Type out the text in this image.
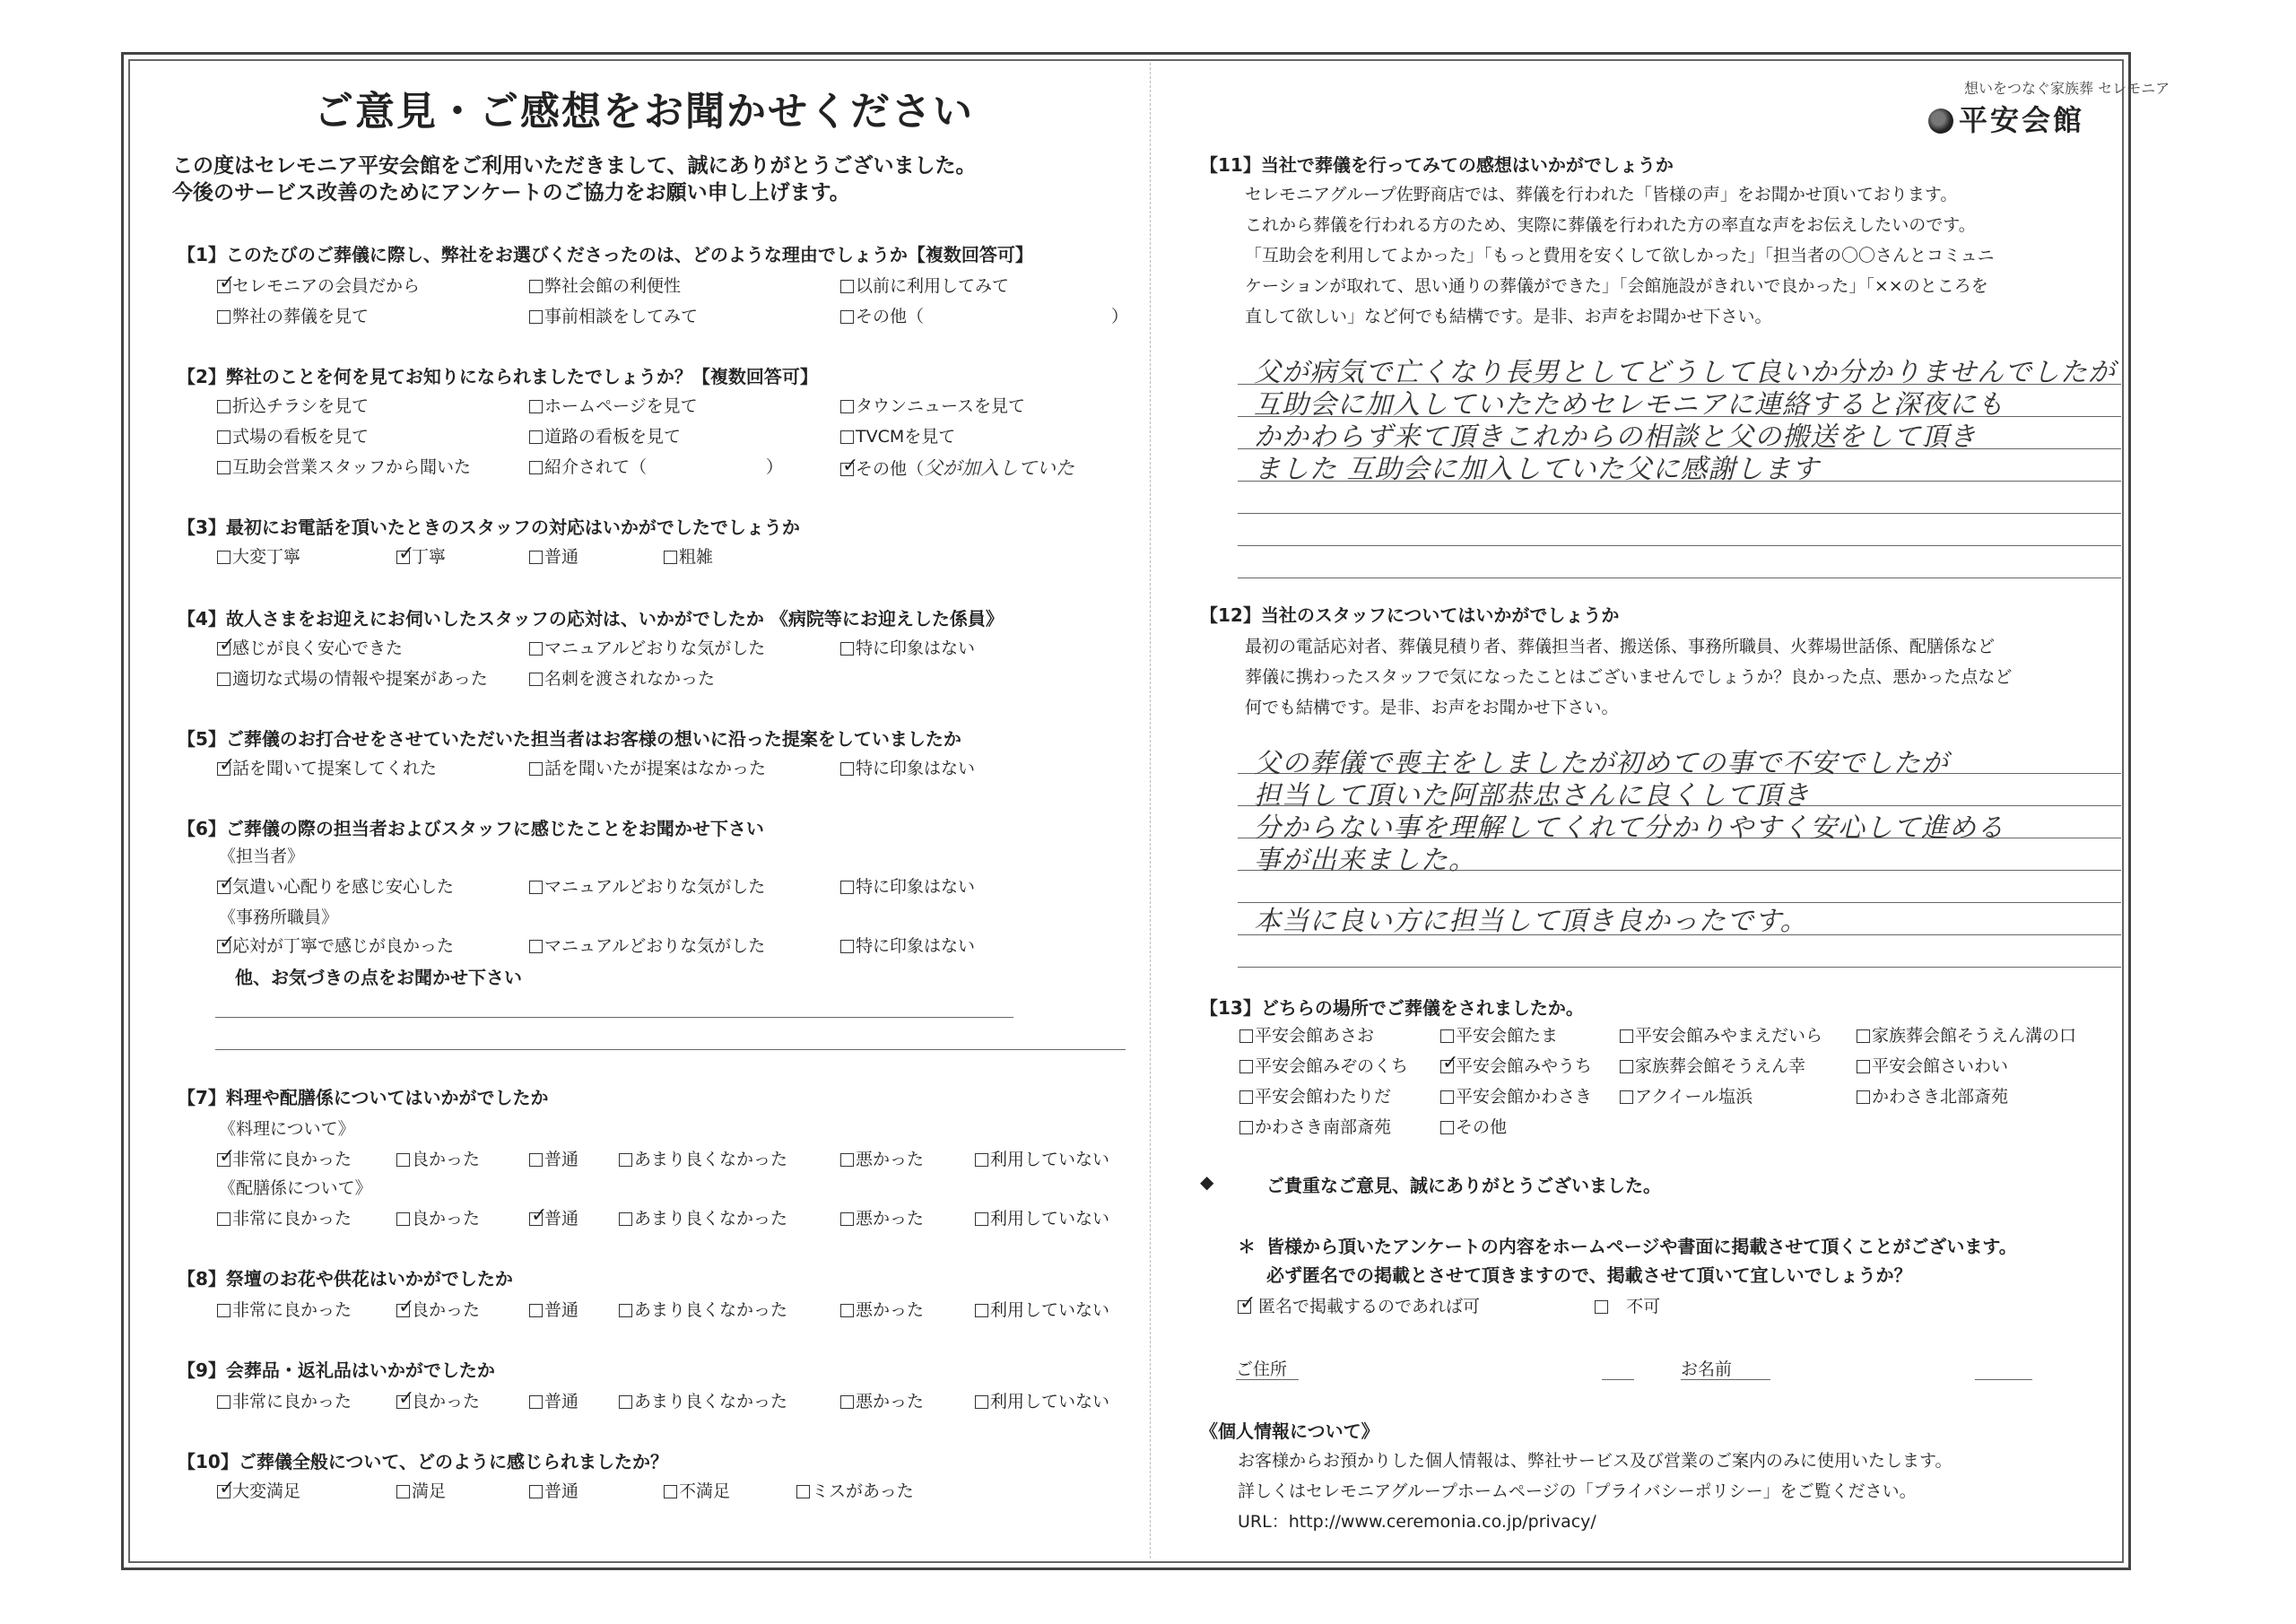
ご意見・ご感想をお聞かせください
想いをつなぐ家族葬 セレモニア
平安会館
この度はセレモニア平安会館をご利用いただきまして、誠にありがとうございました。
今後のサービス改善のためにアンケートのご協力をお願い申し上げます。
【1】このたびのご葬儀に際し、弊社をお選びくださったのは、どのような理由でしょうか【複数回答可】
✓セレモニアの会員だから	弊社会館の利便性	以前に利用してみて
弊社の葬儀を見て	事前相談をしてみて	その他（　　　　　　　　　　　）
【2】弊社のことを何を見てお知りになられましたでしょうか？【複数回答可】
折込チラシを見て	ホームページを見て	タウンニュースを見て
式場の看板を見て	道路の看板を見て	TVCMを見て
互助会営業スタッフから聞いた	紹介されて（　　　　　　　） ✓	その他（父が加入していた
【3】最初にお電話を頂いたときのスタッフの対応はいかがでしたでしょうか
大変丁寧 ✓	丁寧	普通	粗雑
【4】故人さまをお迎えにお伺いしたスタッフの応対は、いかがでしたか 《病院等にお迎えした係員》
✓感じが良く安心できた	マニュアルどおりな気がした	特に印象はない
適切な式場の情報や提案があった	名刺を渡されなかった
【5】ご葬儀のお打合せをさせていただいた担当者はお客様の想いに沿った提案をしていましたか
✓話を聞いて提案してくれた	話を聞いたが提案はなかった	特に印象はない
【6】ご葬儀の際の担当者およびスタッフに感じたことをお聞かせ下さい
《担当者》
✓気遣い心配りを感じ安心した	マニュアルどおりな気がした	特に印象はない
《事務所職員》
✓応対が丁寧で感じが良かった	マニュアルどおりな気がした	特に印象はない
他、お気づきの点をお聞かせ下さい
【7】料理や配膳係についてはいかがでしたか
《料理について》
✓非常に良かった	良かった	普通	あまり良くなかった	悪かった	利用していない
《配膳係について》
非常に良かった	良かった ✓	普通	あまり良くなかった	悪かった	利用していない
【8】祭壇のお花や供花はいかがでしたか
非常に良かった ✓	良かった	普通	あまり良くなかった	悪かった	利用していない
【9】会葬品・返礼品はいかがでしたか
非常に良かった ✓	良かった	普通	あまり良くなかった	悪かった	利用していない
【10】ご葬儀全般について、どのように感じられましたか？
✓大変満足	満足	普通	不満足	ミスがあった
【11】当社で葬儀を行ってみての感想はいかがでしょうか
セレモニアグループ佐野商店では、葬儀を行われた「皆様の声」をお聞かせ頂いております。
これから葬儀を行われる方のため、実際に葬儀を行われた方の率直な声をお伝えしたいのです。
「互助会を利用してよかった」「もっと費用を安くして欲しかった」「担当者の〇〇さんとコミュニ
ケーションが取れて、思い通りの葬儀ができた」「会館施設がきれいで良かった」「××のところを
直して欲しい」など何でも結構です。是非、お声をお聞かせ下さい。
父が病気で亡くなり長男としてどうして良いか分かりませんでしたが
互助会に加入していたためセレモニアに連絡すると深夜にも
かかわらず来て頂きこれからの相談と父の搬送をして頂き
ました 互助会に加入していた父に感謝します
【12】当社のスタッフについてはいかがでしょうか
最初の電話応対者、葬儀見積り者、葬儀担当者、搬送係、事務所職員、火葬場世話係、配膳係など
葬儀に携わったスタッフで気になったことはございませんでしょうか？良かった点、悪かった点など
何でも結構です。是非、お声をお聞かせ下さい。
父の葬儀で喪主をしましたが初めての事で不安でしたが
担当して頂いた阿部恭忠さんに良くして頂き
分からない事を理解してくれて分かりやすく安心して進める
事が出来ました。
本当に良い方に担当して頂き良かったです。
【13】どちらの場所でご葬儀をされましたか。
平安会館あさお	平安会館たま	平安会館みやまえだいら	家族葬会館そうえん溝の口
平安会館みぞのくち ✓	平安会館みやうち	家族葬会館そうえん幸	平安会館さいわい
平安会館わたりだ	平安会館かわさき	アクイール塩浜	かわさき北部斎苑
かわさき南部斎苑	その他
◆	ご貴重なご意見、誠にありがとうございました。
＊ 皆様から頂いたアンケートの内容をホームページや書面に掲載させて頂くことがございます。
必ず匿名での掲載とさせて頂きますので、掲載させて頂いて宜しいでしょうか？
✓ 匿名で掲載するのであれば可	不可
ご住所	お名前
《個人情報について》
お客様からお預かりした個人情報は、弊社サービス及び営業のご案内のみに使用いたします。
詳しくはセレモニアグループホームページの「プライバシーポリシー」をご覧ください。
URL：http://www.ceremonia.co.jp/privacy/
